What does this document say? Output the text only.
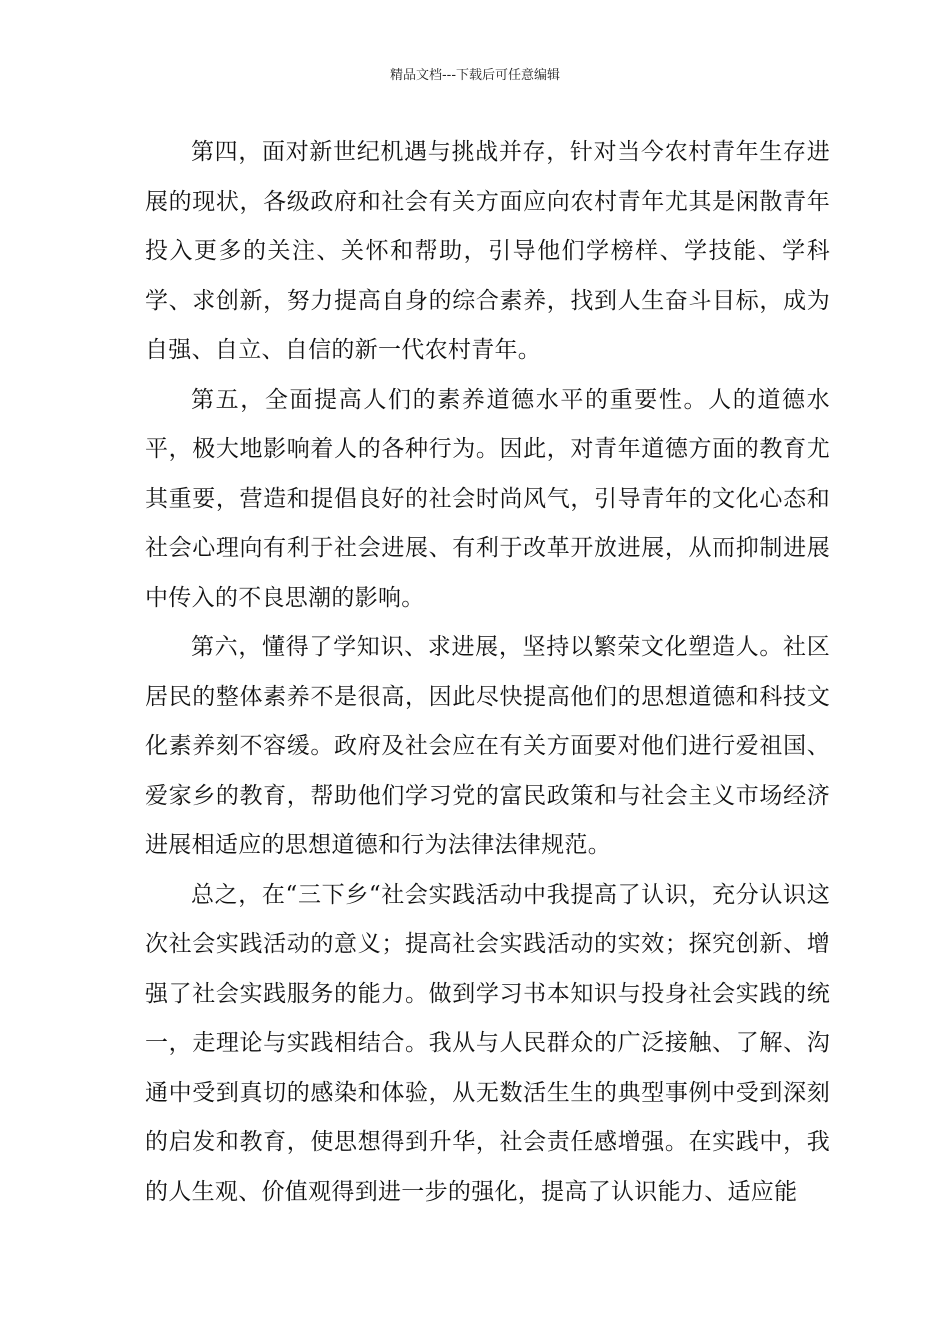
精品文档---下载后可任意编辑

第四，面对新世纪机遇与挑战并存，针对当今农村青年生存进展的现状，各级政府和社会有关方面应向农村青年尤其是闲散青年投入更多的关注、关怀和帮助，引导他们学榜样、学技能、学科学、求创新，努力提高自身的综合素养，找到人生奋斗目标，成为自强、自立、自信的新一代农村青年。

第五，全面提高人们的素养道德水平的重要性。人的道德水平，极大地影响着人的各种行为。因此，对青年道德方面的教育尤其重要，营造和提倡良好的社会时尚风气，引导青年的文化心态和社会心理向有利于社会进展、有利于改革开放进展，从而抑制进展中传入的不良思潮的影响。

第六，懂得了学知识、求进展，坚持以繁荣文化塑造人。社区居民的整体素养不是很高，因此尽快提高他们的思想道德和科技文化素养刻不容缓。政府及社会应在有关方面要对他们进行爱祖国、爱家乡的教育，帮助他们学习党的富民政策和与社会主义市场经济进展相适应的思想道德和行为法律法律规范。

总之，在“三下乡“社会实践活动中我提高了认识，充分认识这次社会实践活动的意义；提高社会实践活动的实效；探究创新、增强了社会实践服务的能力。做到学习书本知识与投身社会实践的统一，走理论与实践相结合。我从与人民群众的广泛接触、了解、沟通中受到真切的感染和体验，从无数活生生的典型事例中受到深刻的启发和教育，使思想得到升华，社会责任感增强。在实践中，我的人生观、价值观得到进一步的强化，提高了认识能力、适应能
